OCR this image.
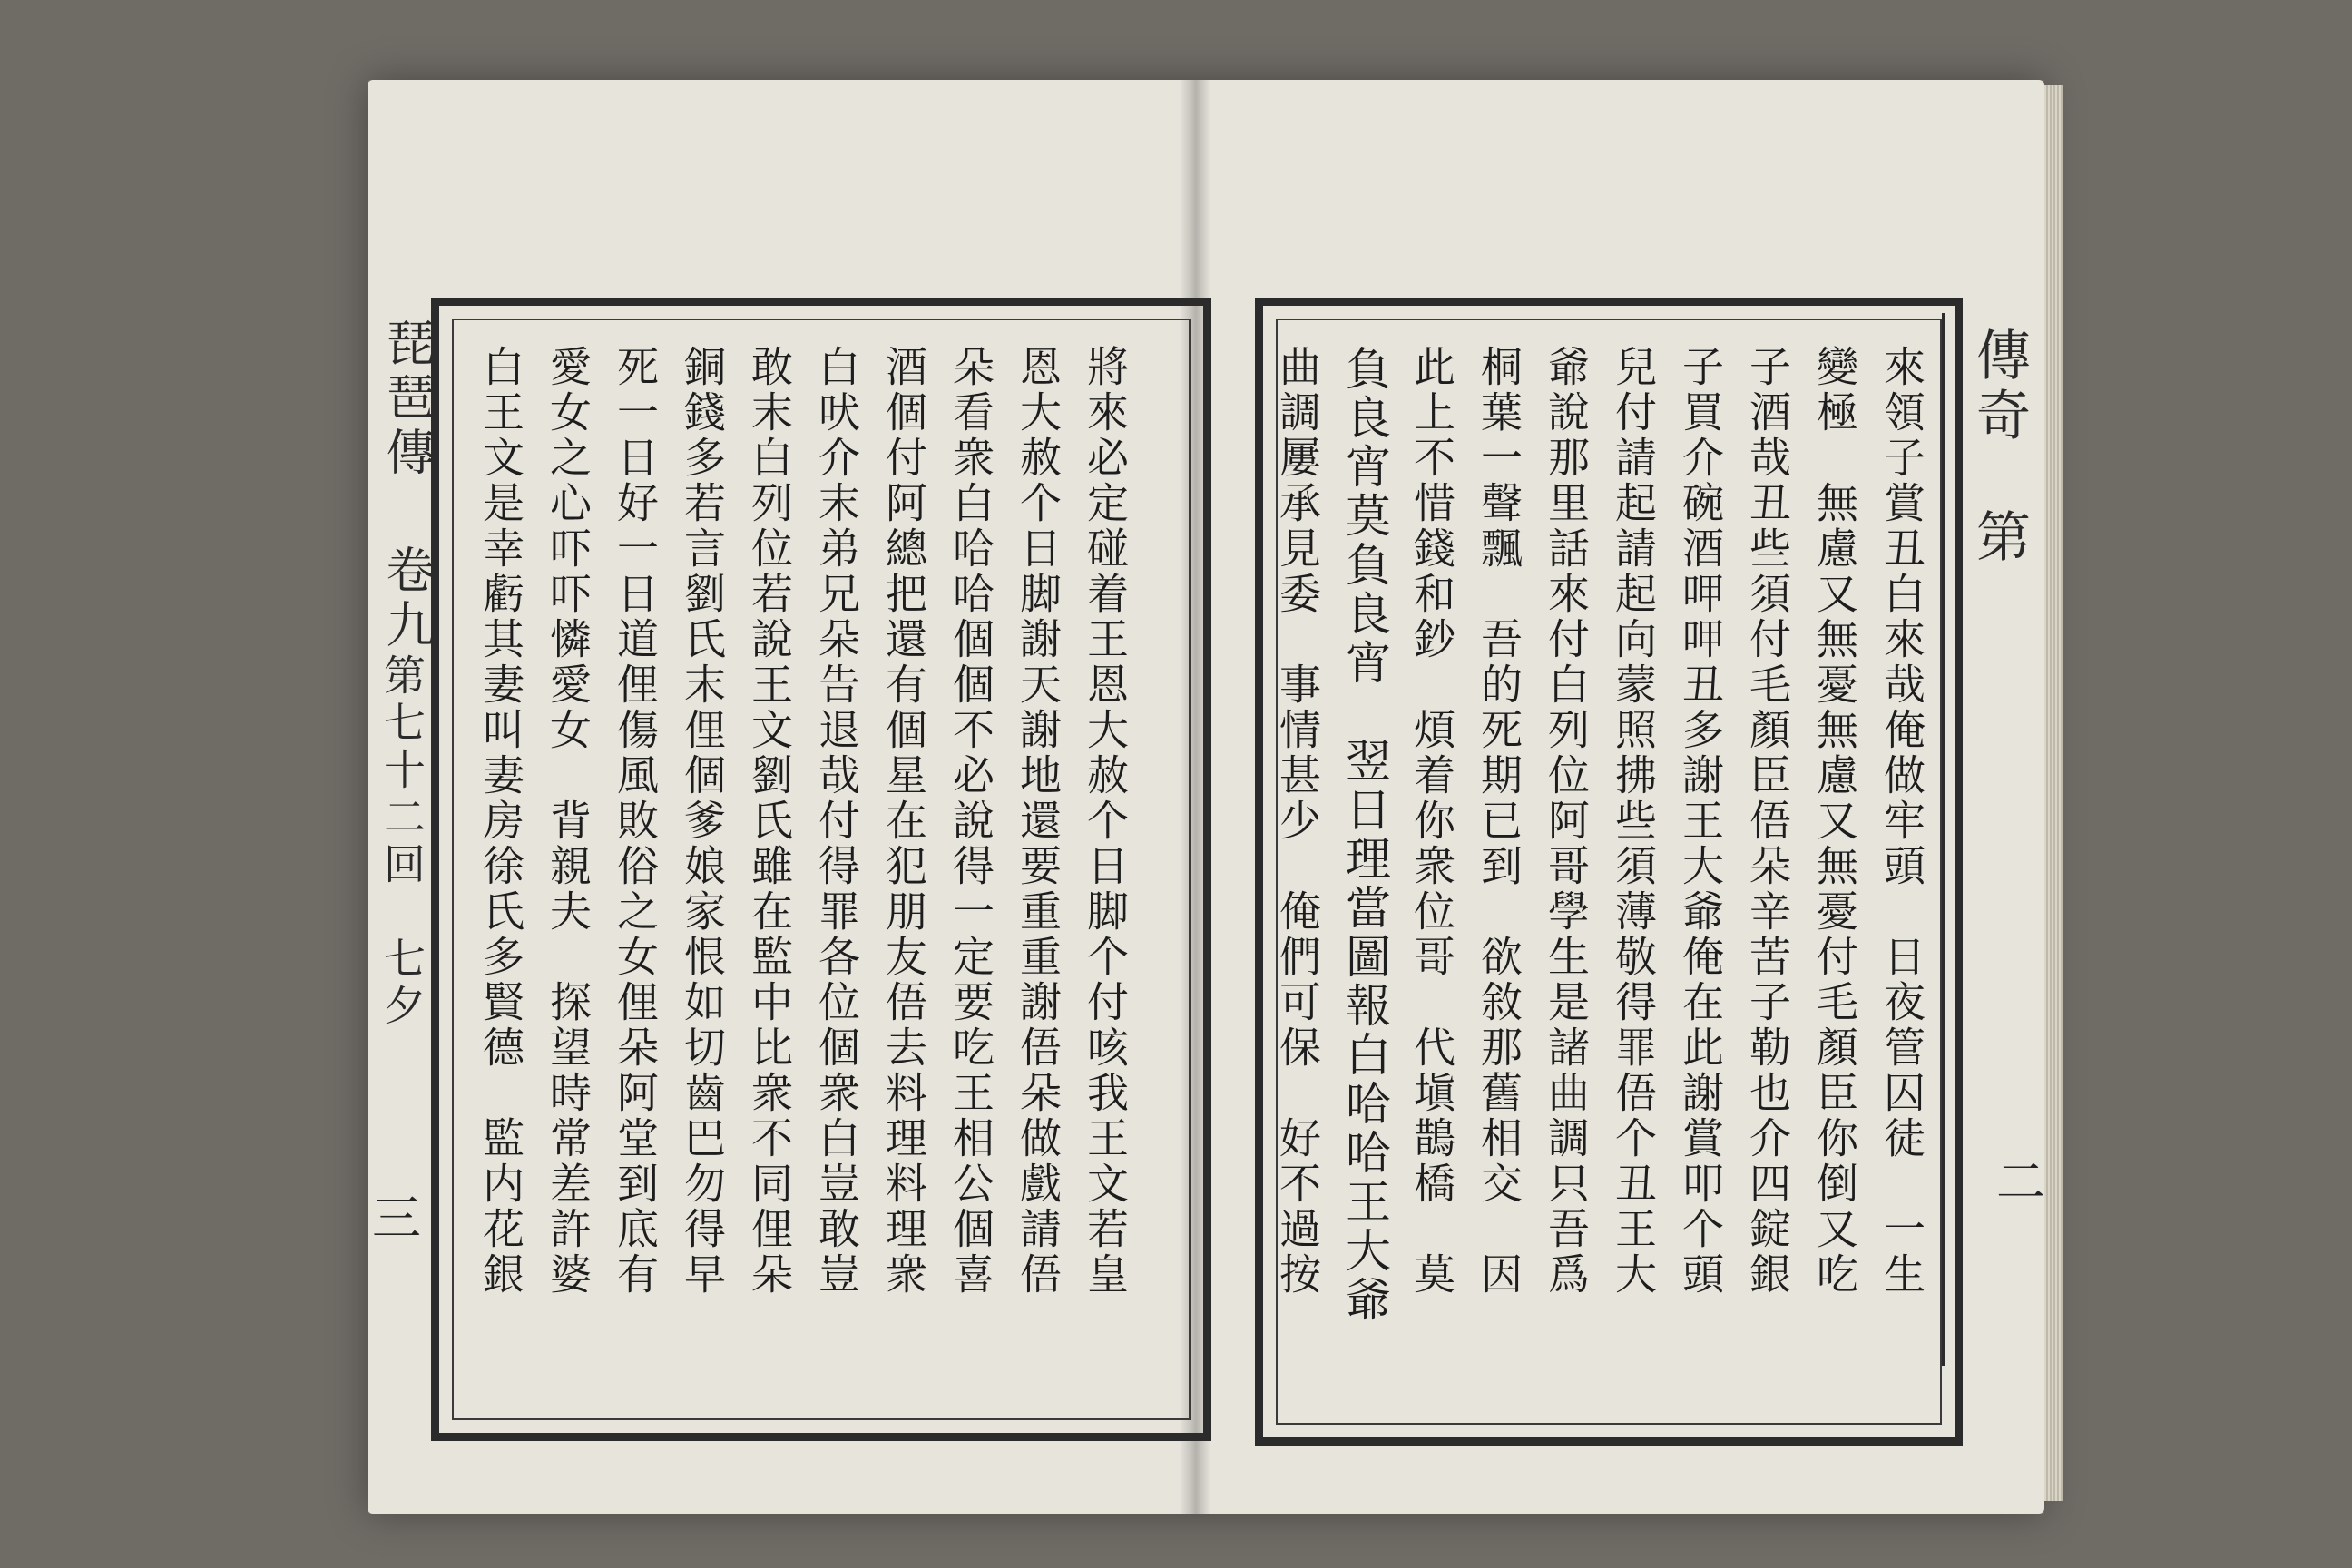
琵琶傳
第七十二回　七夕
卷九
三
傳奇
第
二
將來必定碰着王恩大赦个日脚个付咳我王文若皇
恩大赦个日脚謝天謝地還要重重謝俉朵做戲請俉
朵看衆白哈哈個個不必說得一定要吃王相公個喜
酒個付阿總把還有個星在犯朋友俉去料理料理衆
白吠介末弟兄朵告退哉付得罪各位個衆白豈敢豈
敢末白列位若說王文劉氏雖在監中比衆不同俚朵
銅錢多若言劉氏末俚個爹娘家恨如切齒巴勿得早
死一日好一日道俚傷風敗俗之女俚朵阿堂到底有
愛女之心吓吓憐愛女　背親夫　探望時常差許婆
白王文是幸虧其妻叫妻房徐氏多賢德　監内花銀	來領子賞丑白來哉俺做牢頭　日夜管囚徒　一生
變極　無慮又無憂無慮又無憂付毛顏臣你倒又吃
子酒哉丑些須付毛顏臣俉朵辛苦子勒也介四錠銀
子買介碗酒呷呷丑多謝王大爺俺在此謝賞叩个頭
兒付請起請起向蒙照拂些須薄敬得罪俉个丑王大
爺說那里話來付白列位阿哥學生是諸曲調只吾爲
桐葉一聲飄　吾的死期已到　欲敘那舊相交　因
此上不惜錢和鈔　煩着你衆位哥　代塡鵲橋　莫
負良宵莫負良宵　翌日理當圖報白哈哈王大爺
曲調屢承見委　事情甚少　俺們可保　好不過按
